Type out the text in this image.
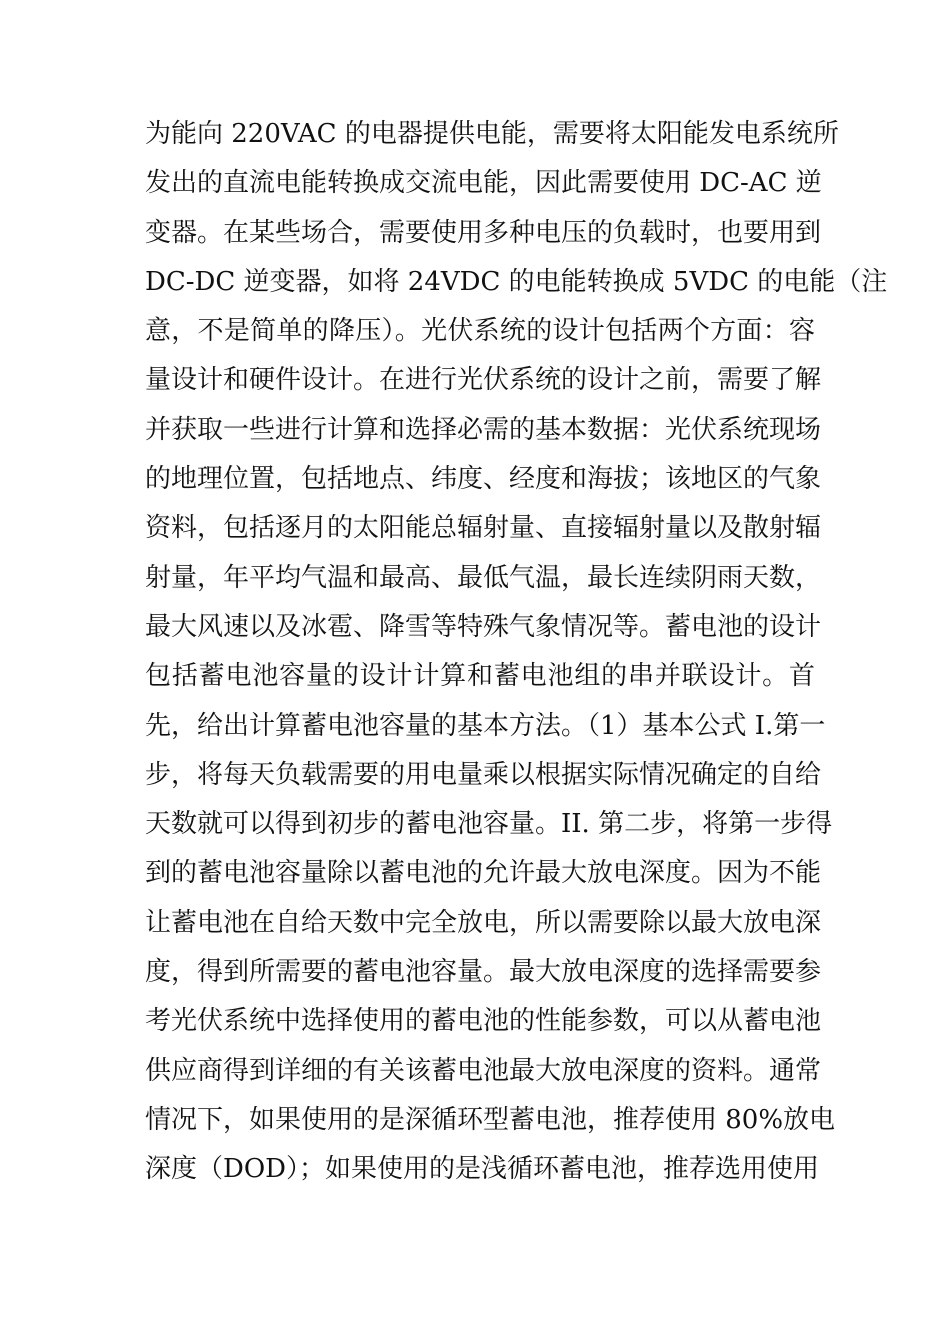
为能向 220VAC 的电器提供电能，需要将太阳能发电系统所
发出的直流电能转换成交流电能，因此需要使用 DC-AC 逆
变器。在某些场合，需要使用多种电压的负载时，也要用到
DC-DC 逆变器，如将 24VDC 的电能转换成 5VDC 的电能（注
意，不是简单的降压）。光伏系统的设计包括两个方面：容
量设计和硬件设计。在进行光伏系统的设计之前，需要了解
并获取一些进行计算和选择必需的基本数据：光伏系统现场
的地理位置，包括地点、纬度、经度和海拔；该地区的气象
资料，包括逐月的太阳能总辐射量、直接辐射量以及散射辐
射量，年平均气温和最高、最低气温，最长连续阴雨天数，
最大风速以及冰雹、降雪等特殊气象情况等。蓄电池的设计
包括蓄电池容量的设计计算和蓄电池组的串并联设计。首
先，给出计算蓄电池容量的基本方法。（1）基本公式 I.第一
步，将每天负载需要的用电量乘以根据实际情况确定的自给
天数就可以得到初步的蓄电池容量。II. 第二步，将第一步得
到的蓄电池容量除以蓄电池的允许最大放电深度。因为不能
让蓄电池在自给天数中完全放电，所以需要除以最大放电深
度，得到所需要的蓄电池容量。最大放电深度的选择需要参
考光伏系统中选择使用的蓄电池的性能参数，可以从蓄电池
供应商得到详细的有关该蓄电池最大放电深度的资料。通常
情况下，如果使用的是深循环型蓄电池，推荐使用 80%放电
深度（DOD）；如果使用的是浅循环蓄电池，推荐选用使用
